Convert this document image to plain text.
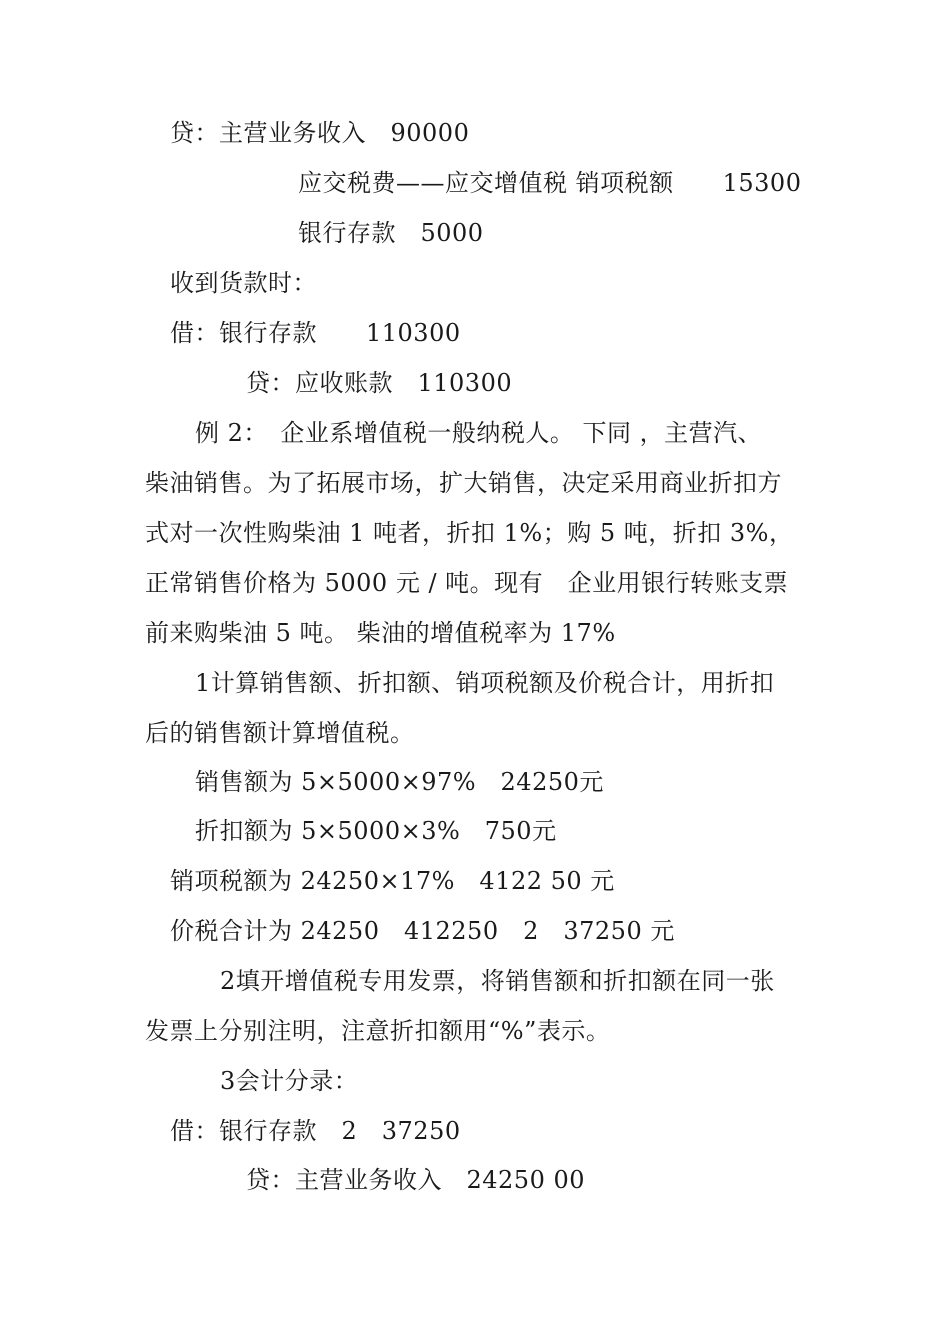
贷：主营业务收入　90000
应交税费——应交增值税 销项税额　　15300
银行存款　5000
收到货款时：
借：银行存款　　110300
贷：应收账款　110300
例 2：　企业系增值税一般纳税人。 下同 ，主营汽、
柴油销售。为了拓展市场，扩大销售，决定采用商业折扣方
式对一次性购柴油 1 吨者，折扣 1%；购 5 吨，折扣 3%，
正常销售价格为 5000 元 / 吨。现有　企业用银行转账支票
前来购柴油 5 吨。 柴油的增值税率为 17%
1计算销售额、折扣额、销项税额及价税合计，用折扣
后的销售额计算增值税。
销售额为 5×5000×97%　24250元
折扣额为 5×5000×3%　750元
销项税额为 24250×17%　4122 50 元
价税合计为 24250　412250　2　37250 元
2填开增值税专用发票，将销售额和折扣额在同一张
发票上分别注明，注意折扣额用“%”表示。
3会计分录：
借：银行存款　2　37250
贷：主营业务收入　24250 00
